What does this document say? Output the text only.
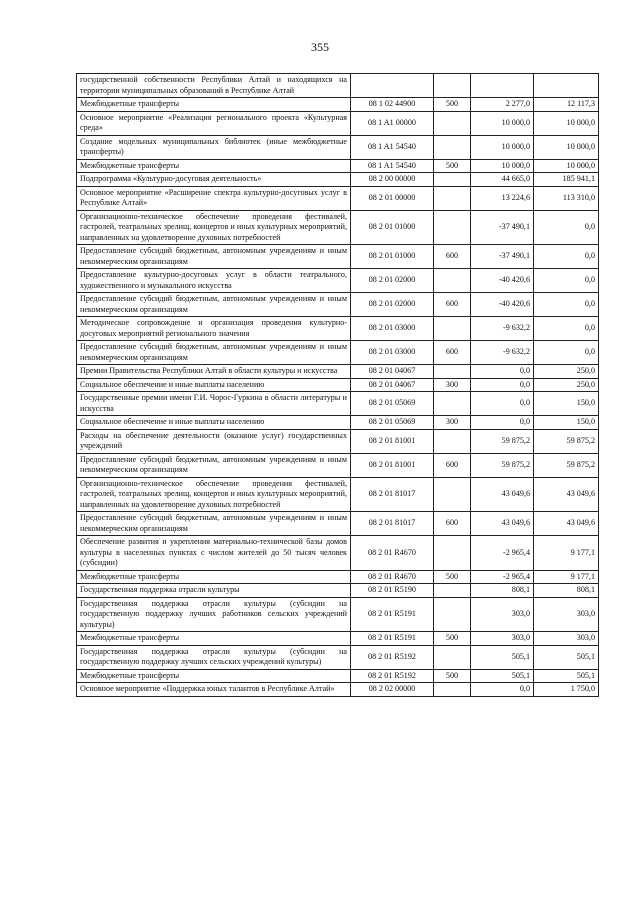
355
государственной собственности Республики Алтай и находящихся на территории муниципальных образований в Республике Алтай				
Межбюджетные трансферты	08 1 02 44900	500	2 277,0	12 117,3
Основное мероприятие «Реализация регионального проекта «Культурная среда»	08 1 A1 00000		10 000,0	10 000,0
Создание модельных муниципальных библиотек (иные межбюджетные трансферты)	08 1 A1 54540		10 000,0	10 000,0
Межбюджетные трансферты	08 1 A1 54540	500	10 000,0	10 000,0
Подпрограмма «Культурно-досуговая деятельность»	08 2 00 00000		44 665,0	185 941,1
Основное мероприятие «Расширение спектра культурно-досуговых услуг в Республике Алтай»	08 2 01 00000		13 224,6	113 310,0
Организационно-техническое обеспечение проведения фестивалей, гастролей, театральных зрелищ, концертов и иных культурных мероприятий, направленных на удовлетворение духовных потребностей	08 2 01 01000		-37 490,1	0,0
Предоставление субсидий бюджетным, автономным учреждениям и иным некоммерческим организациям	08 2 01 01000	600	-37 490,1	0,0
Предоставление культурно-досуговых услуг в области театрального, художественного и музыкального искусства	08 2 01 02000		-40 420,6	0,0
Предоставление субсидий бюджетным, автономным учреждениям и иным некоммерческим организациям	08 2 01 02000	600	-40 420,6	0,0
Методическое сопровождение и организация проведения культурно-досуговых мероприятий регионального значения	08 2 01 03000		-9 632,2	0,0
Предоставление субсидий бюджетным, автономным учреждениям и иным некоммерческим организациям	08 2 01 03000	600	-9 632,2	0,0
Премии Правительства Республики Алтай в области культуры и искусства	08 2 01 04067		0,0	250,0
Социальное обеспечение и иные выплаты населению	08 2 01 04067	300	0,0	250,0
Государственные премии имени Г.И. Чорос-Гуркина в области литературы и искусства	08 2 01 05069		0,0	150,0
Социальное обеспечение и иные выплаты населению	08 2 01 05069	300	0,0	150,0
Расходы на обеспечение деятельности (оказание услуг) государственных учреждений	08 2 01 81001		59 875,2	59 875,2
Предоставление субсидий бюджетным, автономным учреждениям и иным некоммерческим организациям	08 2 01 81001	600	59 875,2	59 875,2
Организационно-техническое обеспечение проведения фестивалей, гастролей, театральных зрелищ, концертов и иных культурных мероприятий, направленных на удовлетворение духовных потребностей	08 2 01 81017		43 049,6	43 049,6
Предоставление субсидий бюджетным, автономным учреждениям и иным некоммерческим организациям	08 2 01 81017	600	43 049,6	43 049,6
Обеспечение развития и укрепления материально-технической базы домов культуры в населенных пунктах с числом жителей до 50 тысяч человек (субсидии)	08 2 01 R4670		-2 965,4	9 177,1
Межбюджетные трансферты	08 2 01 R4670	500	-2 965,4	9 177,1
Государственная поддержка отрасли культуры	08 2 01 R5190		808,1	808,1
Государственная поддержка отрасли культуры (субсидии на государственную поддержку лучших работников сельских учреждений культуры)	08 2 01 R5191		303,0	303,0
Межбюджетные трансферты	08 2 01 R5191	500	303,0	303,0
Государственная поддержка отрасли культуры (субсидии на государственную поддержку лучших сельских учреждений культуры)	08 2 01 R5192		505,1	505,1
Межбюджетные трансферты	08 2 01 R5192	500	505,1	505,1
Основное мероприятие «Поддержка юных талантов в Республике Алтай»	08 2 02 00000		0,0	1 750,0
